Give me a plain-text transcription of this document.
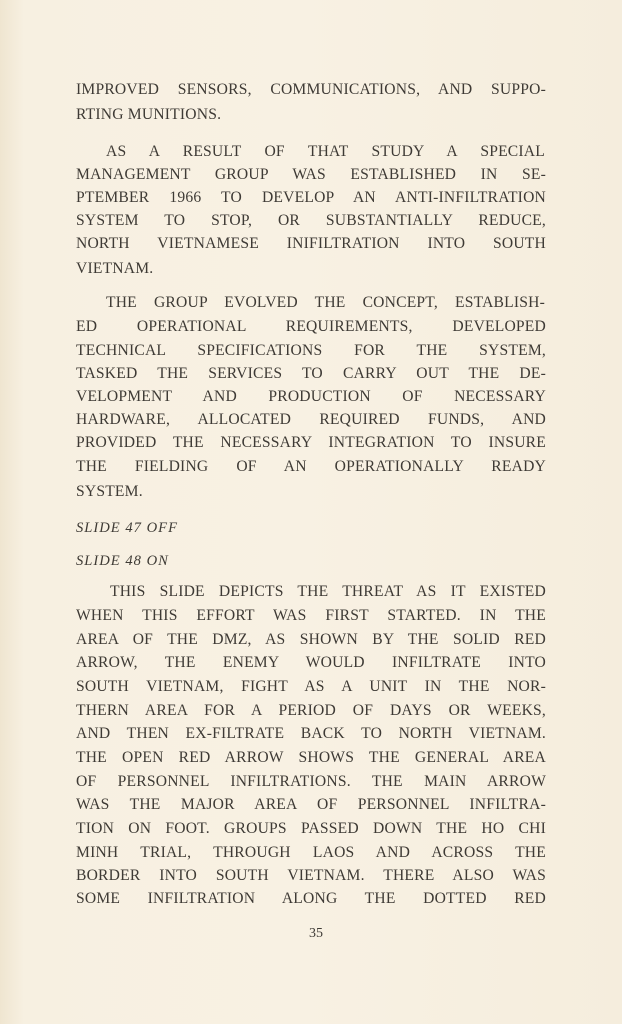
IMPROVED SENSORS, COMMUNICATIONS, AND SUPPO-
RTING MUNITIONS.
AS A RESULT OF THAT STUDY A SPECIAL
MANAGEMENT GROUP WAS ESTABLISHED IN SE-
PTEMBER 1966 TO DEVELOP AN ANTI-INFILTRATION
SYSTEM TO STOP, OR SUBSTANTIALLY REDUCE,
NORTH VIETNAMESE INIFILTRATION INTO SOUTH
VIETNAM.
THE GROUP EVOLVED THE CONCEPT, ESTABLISH-
ED OPERATIONAL REQUIREMENTS, DEVELOPED
TECHNICAL SPECIFICATIONS FOR THE SYSTEM,
TASKED THE SERVICES TO CARRY OUT THE DE-
VELOPMENT AND PRODUCTION OF NECESSARY
HARDWARE, ALLOCATED REQUIRED FUNDS, AND
PROVIDED THE NECESSARY INTEGRATION TO INSURE
THE FIELDING OF AN OPERATIONALLY READY
SYSTEM.
SLIDE 47 OFF
SLIDE 48 ON
THIS SLIDE DEPICTS THE THREAT AS IT EXISTED
WHEN THIS EFFORT WAS FIRST STARTED. IN THE
AREA OF THE DMZ, AS SHOWN BY THE SOLID RED
ARROW, THE ENEMY WOULD INFILTRATE INTO
SOUTH VIETNAM, FIGHT AS A UNIT IN THE NOR-
THERN AREA FOR A PERIOD OF DAYS OR WEEKS,
AND THEN EX-FILTRATE BACK TO NORTH VIETNAM.
THE OPEN RED ARROW SHOWS THE GENERAL AREA
OF PERSONNEL INFILTRATIONS. THE MAIN ARROW
WAS THE MAJOR AREA OF PERSONNEL INFILTRA-
TION ON FOOT. GROUPS PASSED DOWN THE HO CHI
MINH TRIAL, THROUGH LAOS AND ACROSS THE
BORDER INTO SOUTH VIETNAM. THERE ALSO WAS
SOME INFILTRATION ALONG THE DOTTED RED
35
